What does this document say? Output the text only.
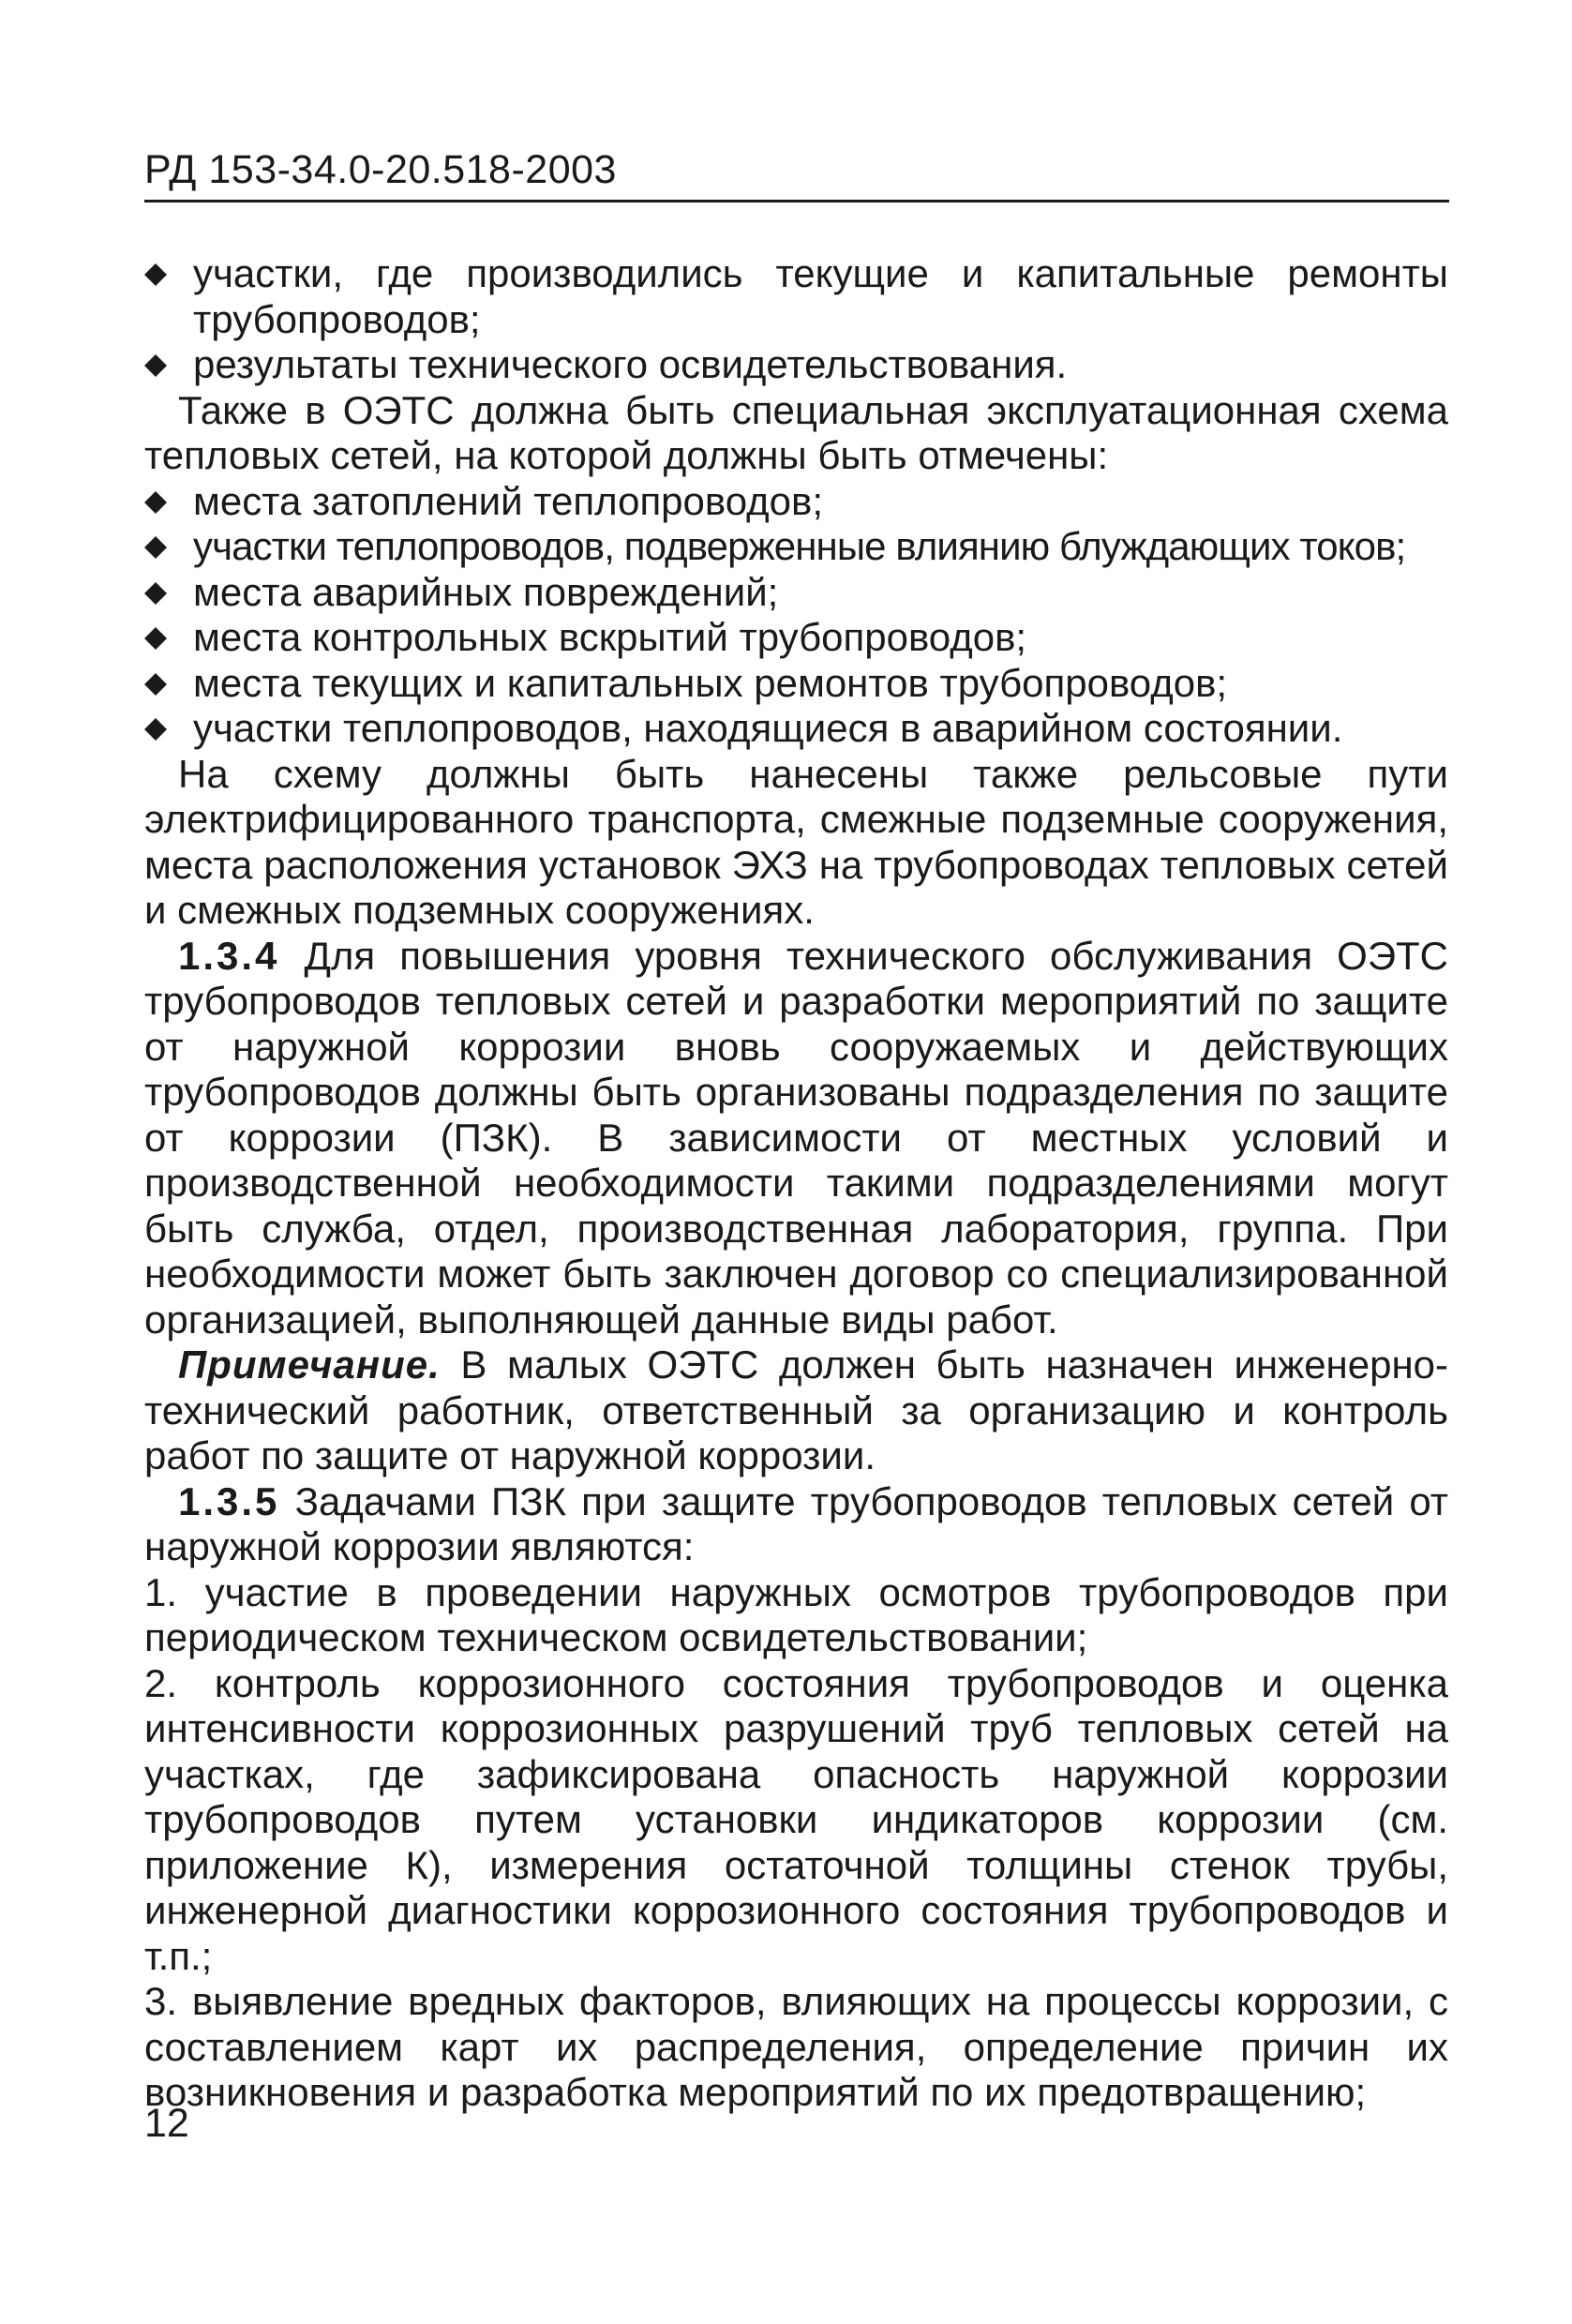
РД 153-34.0-20.518-2003

участки, где производились текущие и капитальные ремонты трубопроводов;

результаты технического освидетельствования.

Также в ОЭТС должна быть специальная эксплуатационная схема тепловых сетей, на которой должны быть отмечены:

места затоплений теплопроводов;

участки теплопроводов, подверженные влиянию блуждающих токов;

места аварийных повреждений;

места контрольных вскрытий трубопроводов;

места текущих и капитальных ремонтов трубопроводов;

участки теплопроводов, находящиеся в аварийном состоянии.

На схему должны быть нанесены также рельсовые пути электрифицированного транспорта, смежные подземные сооружения, места расположения установок ЭХЗ на трубопроводах тепловых сетей и смежных подземных сооружениях.

1.3.4 Для повышения уровня технического обслуживания ОЭТС трубопроводов тепловых сетей и разработки мероприятий по защите от наружной коррозии вновь сооружаемых и действующих трубопроводов должны быть организованы подразделения по защите от коррозии (ПЗК). В зависимости от местных условий и производственной необходимости такими подразделениями могут быть служба, отдел, производственная лаборатория, группа. При необходимости может быть заключен договор со специализированной организацией, выполняющей данные виды работ.

Примечание. В малых ОЭТС должен быть назначен инженерно-технический работник, ответственный за организацию и контроль работ по защите от наружной коррозии.

1.3.5 Задачами ПЗК при защите трубопроводов тепловых сетей от наружной коррозии являются:

1. участие в проведении наружных осмотров трубопроводов при периодическом техническом освидетельствовании;

2. контроль коррозионного состояния трубопроводов и оценка интенсивности коррозионных разрушений труб тепловых сетей на участках, где зафиксирована опасность наружной коррозии трубопроводов путем установки индикаторов коррозии (см. приложение К), измерения остаточной толщины стенок трубы, инженерной диагностики коррозионного состояния трубопроводов и т.п.;

3. выявление вредных факторов, влияющих на процессы коррозии, с составлением карт их распределения, определение причин их возникновения и разработка мероприятий по их предотвращению;

12
